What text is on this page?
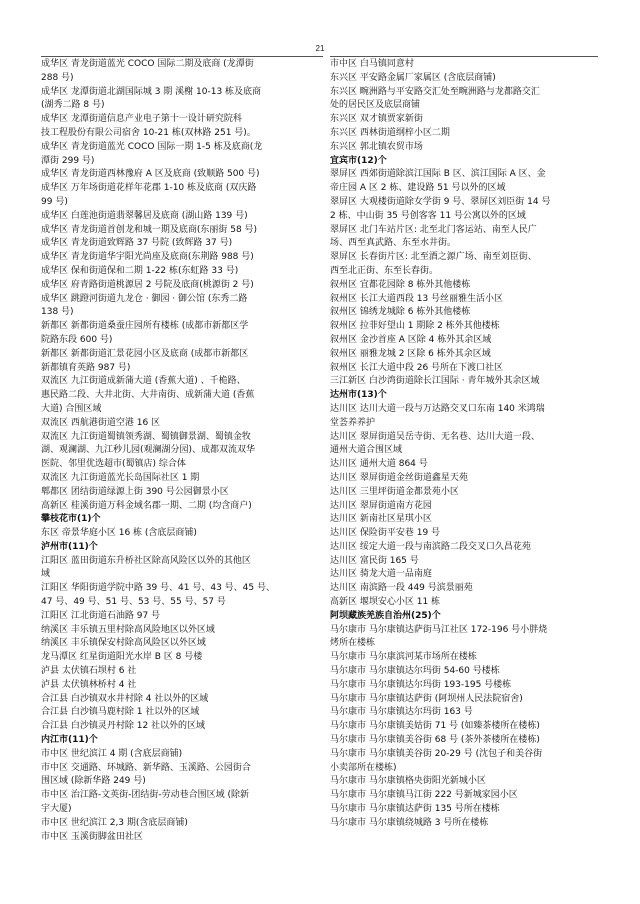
21
成华区 青龙街道蓝光 COCO 国际二期及底商 (龙潭街
288 号)
成华区 龙潭街道北湖国际城 3 期 溪榭 10-13 栋及底商
(湖秀二路 8 号)
成华区 龙潭街道信息产业电子第十一设计研究院科
技工程股份有限公司宿舍 10-21 栋(双林路 251 号)。
成华区 青龙街道蓝光 COCO 国际一期 1-5 栋及底商(龙
潭街 299 号)
成华区 青龙街道西林豫府 A 区及底商 (致顺路 500 号)
成华区 万年场街道花样年花郡 1-10 栋及底商 (双庆路
99 号)
成华区 白莲池街道翡翠馨居及底商 (湖山路 139 号)
成华区 青龙街道首创龙和城一期及底商(东丽街 58 号)
成华区 青龙街道致辉路 37 号院 (致辉路 37 号)
成华区 青龙街道华宇阳光尚座及底商(东荆路 988 号)
成华区 保和街道保和二期 1-22 栋(东虹路 33 号)
成华区 府青路街道桃源居 2 号院及底商(桃源街 2 号)
成华区 跳蹬河街道九龙仓 · 御园 · 御公馆 (东秀二路
138 号)
新都区 新都街道桑蚕庄园所有楼栋 (成都市新都区学
院路东段 600 号)
新都区 新都街道汇景花园小区及底商 (成都市新都区
新都镇育英路 987 号)
双流区 九江街道成新蒲大道 (香蕉大道) 、千桅路、
惠民路二段、大井北街、大井南街、成新蒲大道 (香蕉
大道) 合围区域
双流区 西航港街道空港 16 区
双流区 九江街道蜀镇领秀湖、蜀镇御景湖、蜀镇金牧
湖、观澜湖、九江秒儿园(观澜湖分园)、成都双流双华
医院、邻里优选超市(蜀镇店) 综合体
双流区 九江街道蓝光长岛国际社区 1 期
郫都区 团结街道绿源上街 390 号公园御景小区
高新区 桂溪街道万科金域名郡一期、二期 (均含商户)
攀枝花市(1)个
东区 帝景华庭小区 16 栋 (含底层商铺)
泸州市(11)个
江阳区 蓝田街道东升桥社区除高风险区以外的其他区
域
江阳区 华阳街道学院中路 39 号、41 号、43 号、45 号、
47 号、49 号、51 号、53 号、55 号、57 号
江阳区 江北街道石油路 97 号
纳溪区 丰乐镇五里村除高风险地区以外区域
纳溪区 丰乐镇保安村除高风险区以外区域
龙马潭区 红星街道阳光水岸 B 区 8 号楼
泸县 太伏镇石坝村 6 社
泸县 太伏镇林桥村 4 社
合江县 白沙镇双水井村除 4 社以外的区域
合江县 白沙镇马鹿村除 1 社以外的区域
合江县 白沙镇灵丹村除 12 社以外的区域
内江市(11)个
市中区 世纪滨江 4 期 (含底层商铺)
市中区 交通路、环城路、新华路、玉溪路、公园街合
围区域 (除新华路 249 号)
市中区 治江路-文英街-团结街-劳动巷合围区域 (除新
宇大厦)
市中区 世纪滨江 2,3 期(含底层商铺)
市中区 玉溪街脚盆田社区
市中区 白马镇同意村
东兴区 平安路金属厂家属区 (含底层商铺)
东兴区 畹洲路与平安路交汇处至畹洲路与龙都路交汇
处的居民区及底层商铺
东兴区 双才镇贾家新街
东兴区 西林街道纲梓小区二期
东兴区 郭北镇农贸市场
宜宾市(12)个
翠屏区 西郊街道除滨江国际 B 区、滨江国际 A 区、金
帝庄园 A 区 2 栋、建设路 51 号以外的区域
翠屏区 大观楼街道除女学街 9 号、翠屏区刘臣街 14 号
2 栋、中山街 35 号创客客 11 号公寓以外的区域
翠屏区 北门车站片区: 北至北门客运站、南至人民广
场、西至真武路、东至水井街。
翠屏区 长春街片区: 北至酒之源广场、南至刘臣街、
西至北正街、东至长春街。
叙州区 宜都花园除 8 栋外其他楼栋
叙州区 长江大道西段 13 号丝丽雅生活小区
叙州区 锦绣龙城除 6 栋外其他楼栋
叙州区 拉菲好望山 1 期除 2 栋外其他楼栋
叙州区 金沙首座 A 区除 4 栋外其余区域
叙州区 丽雅龙城 2 区除 6 栋外其余区域
叙州区 长江大道中段 26 号所在下渡口社区
三江新区 白沙湾街道除长江国际 · 青年城外其余区域
达州市(13)个
达川区 达川大道一段与万达路交叉口东南 140 米鸿瑞
堂荟养养护
达川区 翠屏街道吴岳寺街、无名巷、达川大道一段、
通州大道合围区域
达川区 通州大道 864 号
达川区 翠屏街道金丝街道鑫星天苑
达川区 三里坪街道金都景苑小区
达川区 翠屏街道南方花园
达川区 新南社区星琪小区
达川区 保险街平安巷 19 号
达川区 绥定大道一段与南滨路二段交叉口久昌花苑
达川区 富民街 165 号
达川区 骑龙大道一品南庭
达川区 南滨路一段 449 号滨景丽苑
高新区 堰坝安心小区 11 栋
阿坝藏族羌族自治州(25)个
马尔康市 马尔康镇达萨街马江社区 172-196 号小胖烧
烤所在楼栋
马尔康市 马尔康滨河某市场所在楼栋
马尔康市 马尔康镇达尔玛街 54-60 号楼栋
马尔康市 马尔康镇达尔玛街 193-195 号楼栋
马尔康市 马尔康镇达萨街 (阿坝州人民法院宿舍)
马尔康市 马尔康镇达尔玛街 163 号
马尔康市 马尔康镇美姑街 71 号 (如臻茶楼所在楼栋)
马尔康市 马尔康镇美谷街 68 号 (茶外茶楼所在楼栋)
马尔康市 马尔康镇美谷街 20-29 号 (沈包子和美谷街
小卖部所在楼栋)
马尔康市 马尔康镇格央街阳光新城小区
马尔康市 马尔康镇马江街 222 号新城家园小区
马尔康市 马尔康镇达萨街 135 号所在楼栋
马尔康市 马尔康镇绕城路 3 号所在楼栋
